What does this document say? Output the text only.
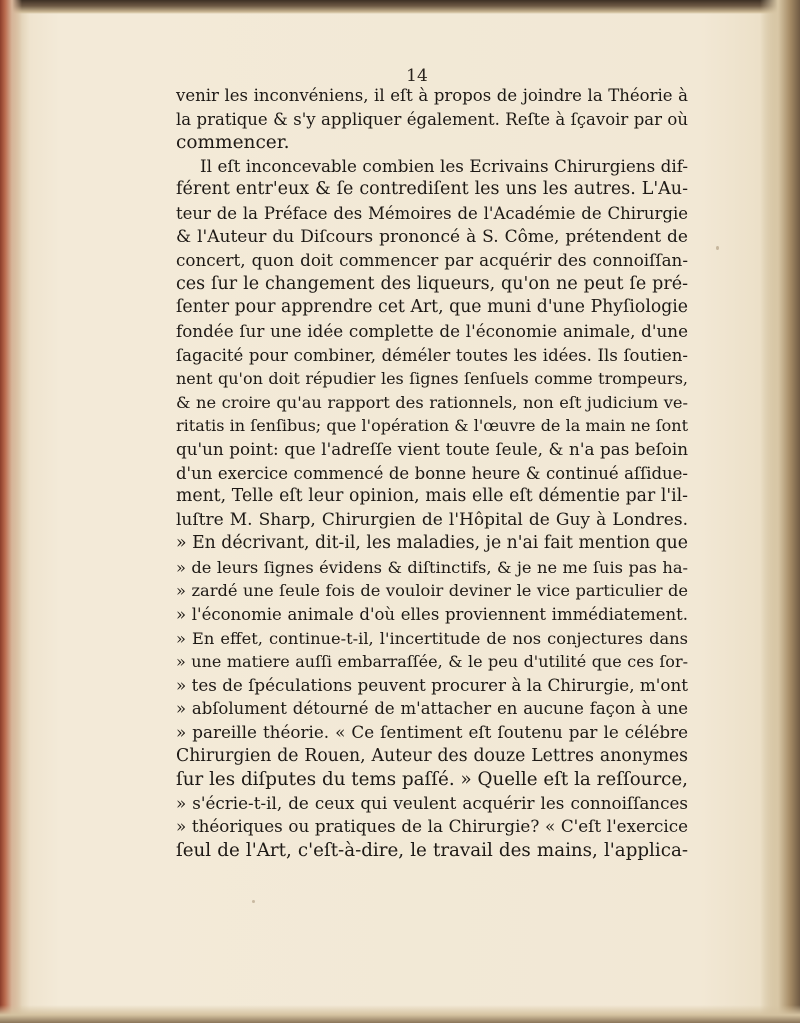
14
venir les inconvéniens, il eſt à propos de joindre la Théorie à
la pratique & s'y appliquer également. Reſte à ſçavoir par où
commencer.
Il eſt inconcevable combien les Ecrivains Chirurgiens dif-
férent entr'eux & ſe contrediſent les uns les autres. L'Au-
teur de la Préface des Mémoires de l'Académie de Chirurgie
& l'Auteur du Diſcours prononcé à S. Côme, prétendent de
concert, quon doit commencer par acquérir des connoiſſan-
ces ſur le changement des liqueurs, qu'on ne peut ſe pré-
ſenter pour apprendre cet Art, que muni d'une Phyſiologie
fondée ſur une idée complette de l'économie animale, d'une
ſagacité pour combiner, déméler toutes les idées. Ils ſoutien-
nent qu'on doit répudier les ſignes ſenſuels comme trompeurs,
& ne croire qu'au rapport des rationnels, non eſt judicium ve-
ritatis in ſenſibus; que l'opération & l'œuvre de la main ne ſont
qu'un point: que l'adreſſe vient toute ſeule, & n'a pas beſoin
d'un exercice commencé de bonne heure & continué aſſidue-
ment, Telle eſt leur opinion, mais elle eſt démentie par l'il-
luſtre M. Sharp, Chirurgien de l'Hôpital de Guy à Londres.
» En décrivant, dit-il, les maladies, je n'ai fait mention que
» de leurs ſignes évidens & diſtinctifs, & je ne me ſuis pas ha-
» zardé une ſeule fois de vouloir deviner le vice particulier de
» l'économie animale d'où elles proviennent immédiatement.
» En effet, continue-t-il, l'incertitude de nos conjectures dans
» une matiere auſſi embarraſſée, & le peu d'utilité que ces ſor-
» tes de ſpéculations peuvent procurer à la Chirurgie, m'ont
» abſolument détourné de m'attacher en aucune façon à une
» pareille théorie. « Ce ſentiment eſt ſoutenu par le célébre
Chirurgien de Rouen, Auteur des douze Lettres anonymes
ſur les diſputes du tems paſſé. » Quelle eſt la reſſource,
» s'écrie-t-il, de ceux qui veulent acquérir les connoiſſances
» théoriques ou pratiques de la Chirurgie? « C'eſt l'exercice
ſeul de l'Art, c'eſt-à-dire, le travail des mains, l'applica-
